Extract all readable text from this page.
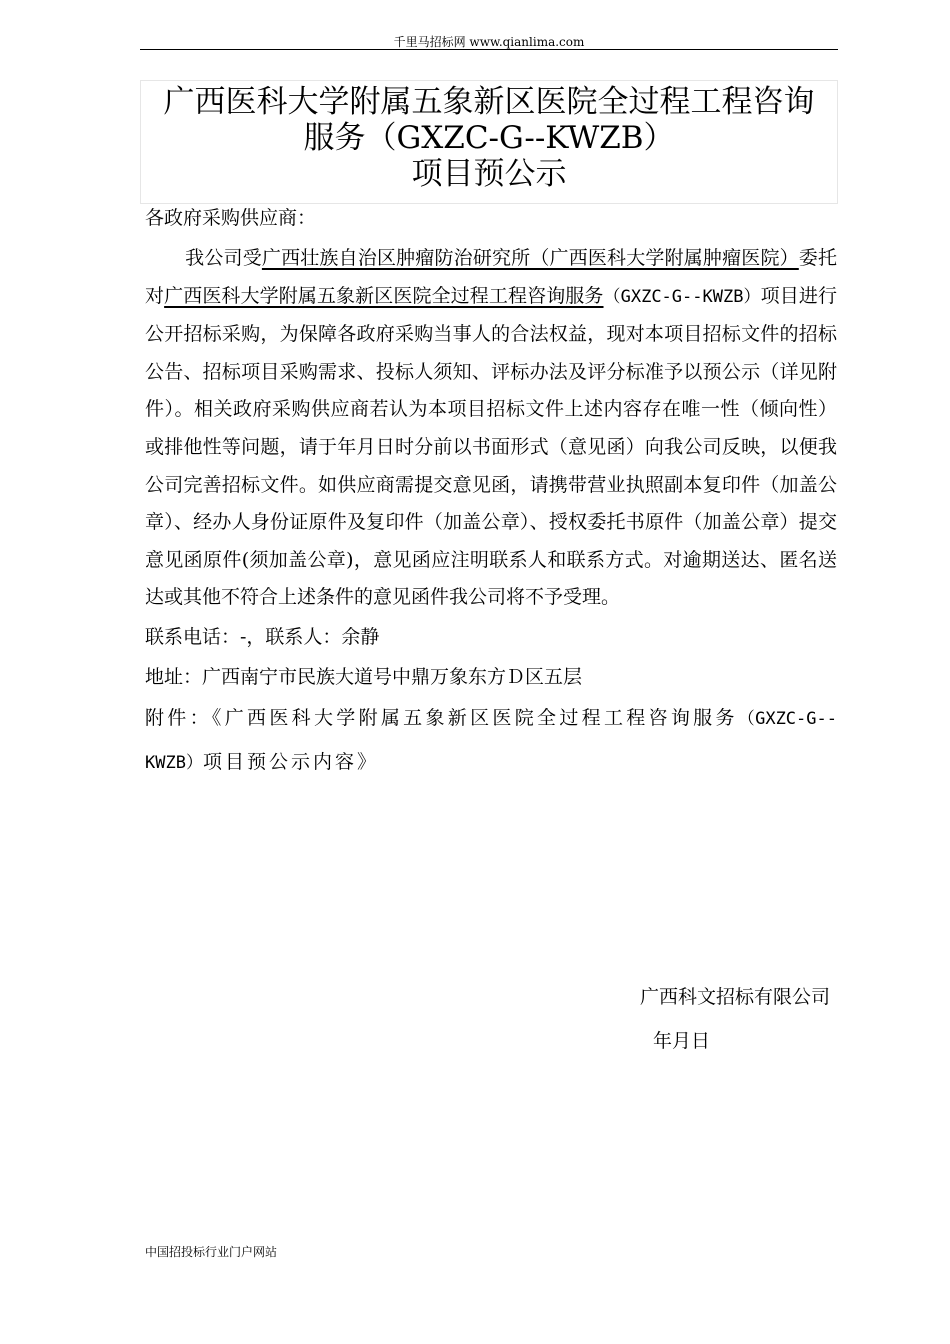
千里马招标网 www.qianlima.com
广西医科大学附属五象新区医院全过程工程咨询
服务（GXZC-G--KWZB）
项目预公示
各政府采购供应商：
我公司受广西壮族自治区肿瘤防治研究所（广西医科大学附属肿瘤医院）委托对广西医科大学附属五象新区医院全过程工程咨询服务（GXZC-G--KWZB）项目进行公开招标采购，为保障各政府采购当事人的合法权益，现对本项目招标文件的招标公告、招标项目采购需求、投标人须知、评标办法及评分标准予以预公示（详见附件）。相关政府采购供应商若认为本项目招标文件上述内容存在唯一性（倾向性）或排他性等问题，请于年月日时分前以书面形式（意见函）向我公司反映，以便我公司完善招标文件。如供应商需提交意见函，请携带营业执照副本复印件（加盖公章）、经办人身份证原件及复印件（加盖公章）、授权委托书原件（加盖公章）提交意见函原件(须加盖公章)，意见函应注明联系人和联系方式。对逾期送达、匿名送达或其他不符合上述条件的意见函件我公司将不予受理。
联系电话：-，联系人：余静
地址：广西南宁市民族大道号中鼎万象东方Ｄ区五层
附件：《广西医科大学附属五象新区医院全过程工程咨询服务（GXZC-G--KWZB）项目预公示内容》
广西科文招标有限公司
年月日
中国招投标行业门户网站
